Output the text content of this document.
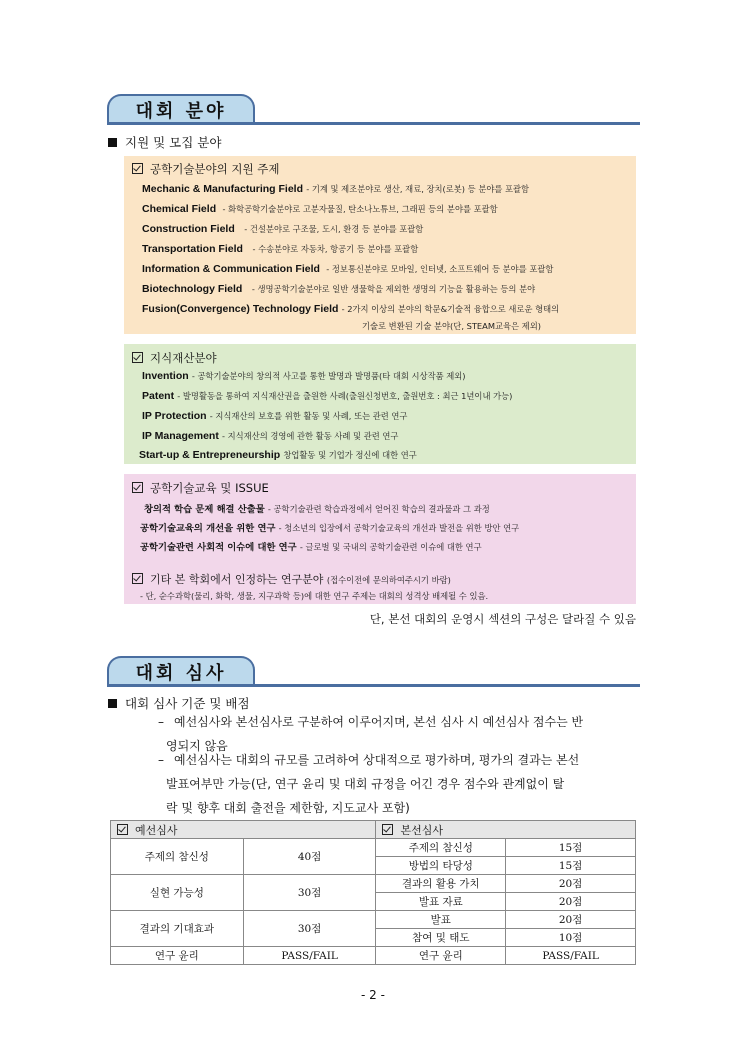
대회 분야
지원 및 모집 분야
공학기술분야의 지원 주제
Mechanic & Manufacturing Field - 기계 및 제조분야로 생산, 재료, 장치(로봇) 등 분야를 포괄함
Chemical Field - 화학공학기술분야로 고분자물질, 탄소나노튜브, 그래핀 등의 분야를 포괄함
Construction Field - 건설분야로 구조물, 도시, 환경 등 분야를 포괄함
Transportation Field - 수송분야로 자동차, 항공기 등 분야를 포괄함
Information & Communication Field - 정보통신분야로 모바일, 인터넷, 소프트웨어 등 분야를 포괄함
Biotechnology Field - 생명공학기술분야로 일반 생물학을 제외한 생명의 기능을 활용하는 등의 분야
Fusion(Convergence) Technology Field - 2가지 이상의 분야의 학문&기술적 융합으로 새로운 형태의
기술로 변환된 기술 분야(단, STEAM교육은 제외)
지식재산분야
Invention - 공학기술분야의 창의적 사고를 통한 발명과 발명품(타 대회 시상작품 제외)
Patent - 발명활동을 통하여 지식재산권을 출원한 사례(출원신청번호, 출원번호 : 최근 1년이내 가능)
IP Protection - 지식재산의 보호를 위한 활동 및 사례, 또는 관련 연구
IP Management - 지식재산의 경영에 관한 활동 사례 및 관련 연구
Start-up & Entrepreneurship 창업활동 및 기업가 정신에 대한 연구
공학기술교육 및 ISSUE
창의적 학습 문제 해결 산출물 - 공학기술관련 학습과정에서 얻어진 학습의 결과물과 그 과정
공학기술교육의 개선을 위한 연구 - 청소년의 입장에서 공학기술교육의 개선과 발전을 위한 방안 연구
공학기술관련 사회적 이슈에 대한 연구 - 글로벌 및 국내의 공학기술관련 이슈에 대한 연구
기타 본 학회에서 인정하는 연구분야 (접수이전에 문의하여주시기 바람)
- 단, 순수과학(물리, 화학, 생물, 지구과학 등)에 대한 연구 주제는 대회의 성격상 배제될 수 있음.
단, 본선 대회의 운영시 섹션의 구성은 달라질 수 있음
대회 심사
대회 심사 기준 및 배점
– 예선심사와 본선심사로 구분하여 이루어지며, 본선 심사 시 예선심사 점수는 반
영되지 않음
– 예선심사는 대회의 규모를 고려하여 상대적으로 평가하며, 평가의 결과는 본선
발표여부만 가능(단, 연구 윤리 및 대회 규정을 어긴 경우 점수와 관계없이 탈
락 및 향후 대회 출전을 제한함, 지도교사 포함)
예선심사		본선심사	
주제의 참신성	40점	주제의 참신성	15점
		방법의 타당성	15점
실현 가능성	30점	결과의 활용 가치	20점
		발표 자료	20점
결과의 기대효과	30점	발표	20점
		참여 및 태도	10점
연구 윤리	PASS/FAIL	연구 윤리	PASS/FAIL
- 2 -
